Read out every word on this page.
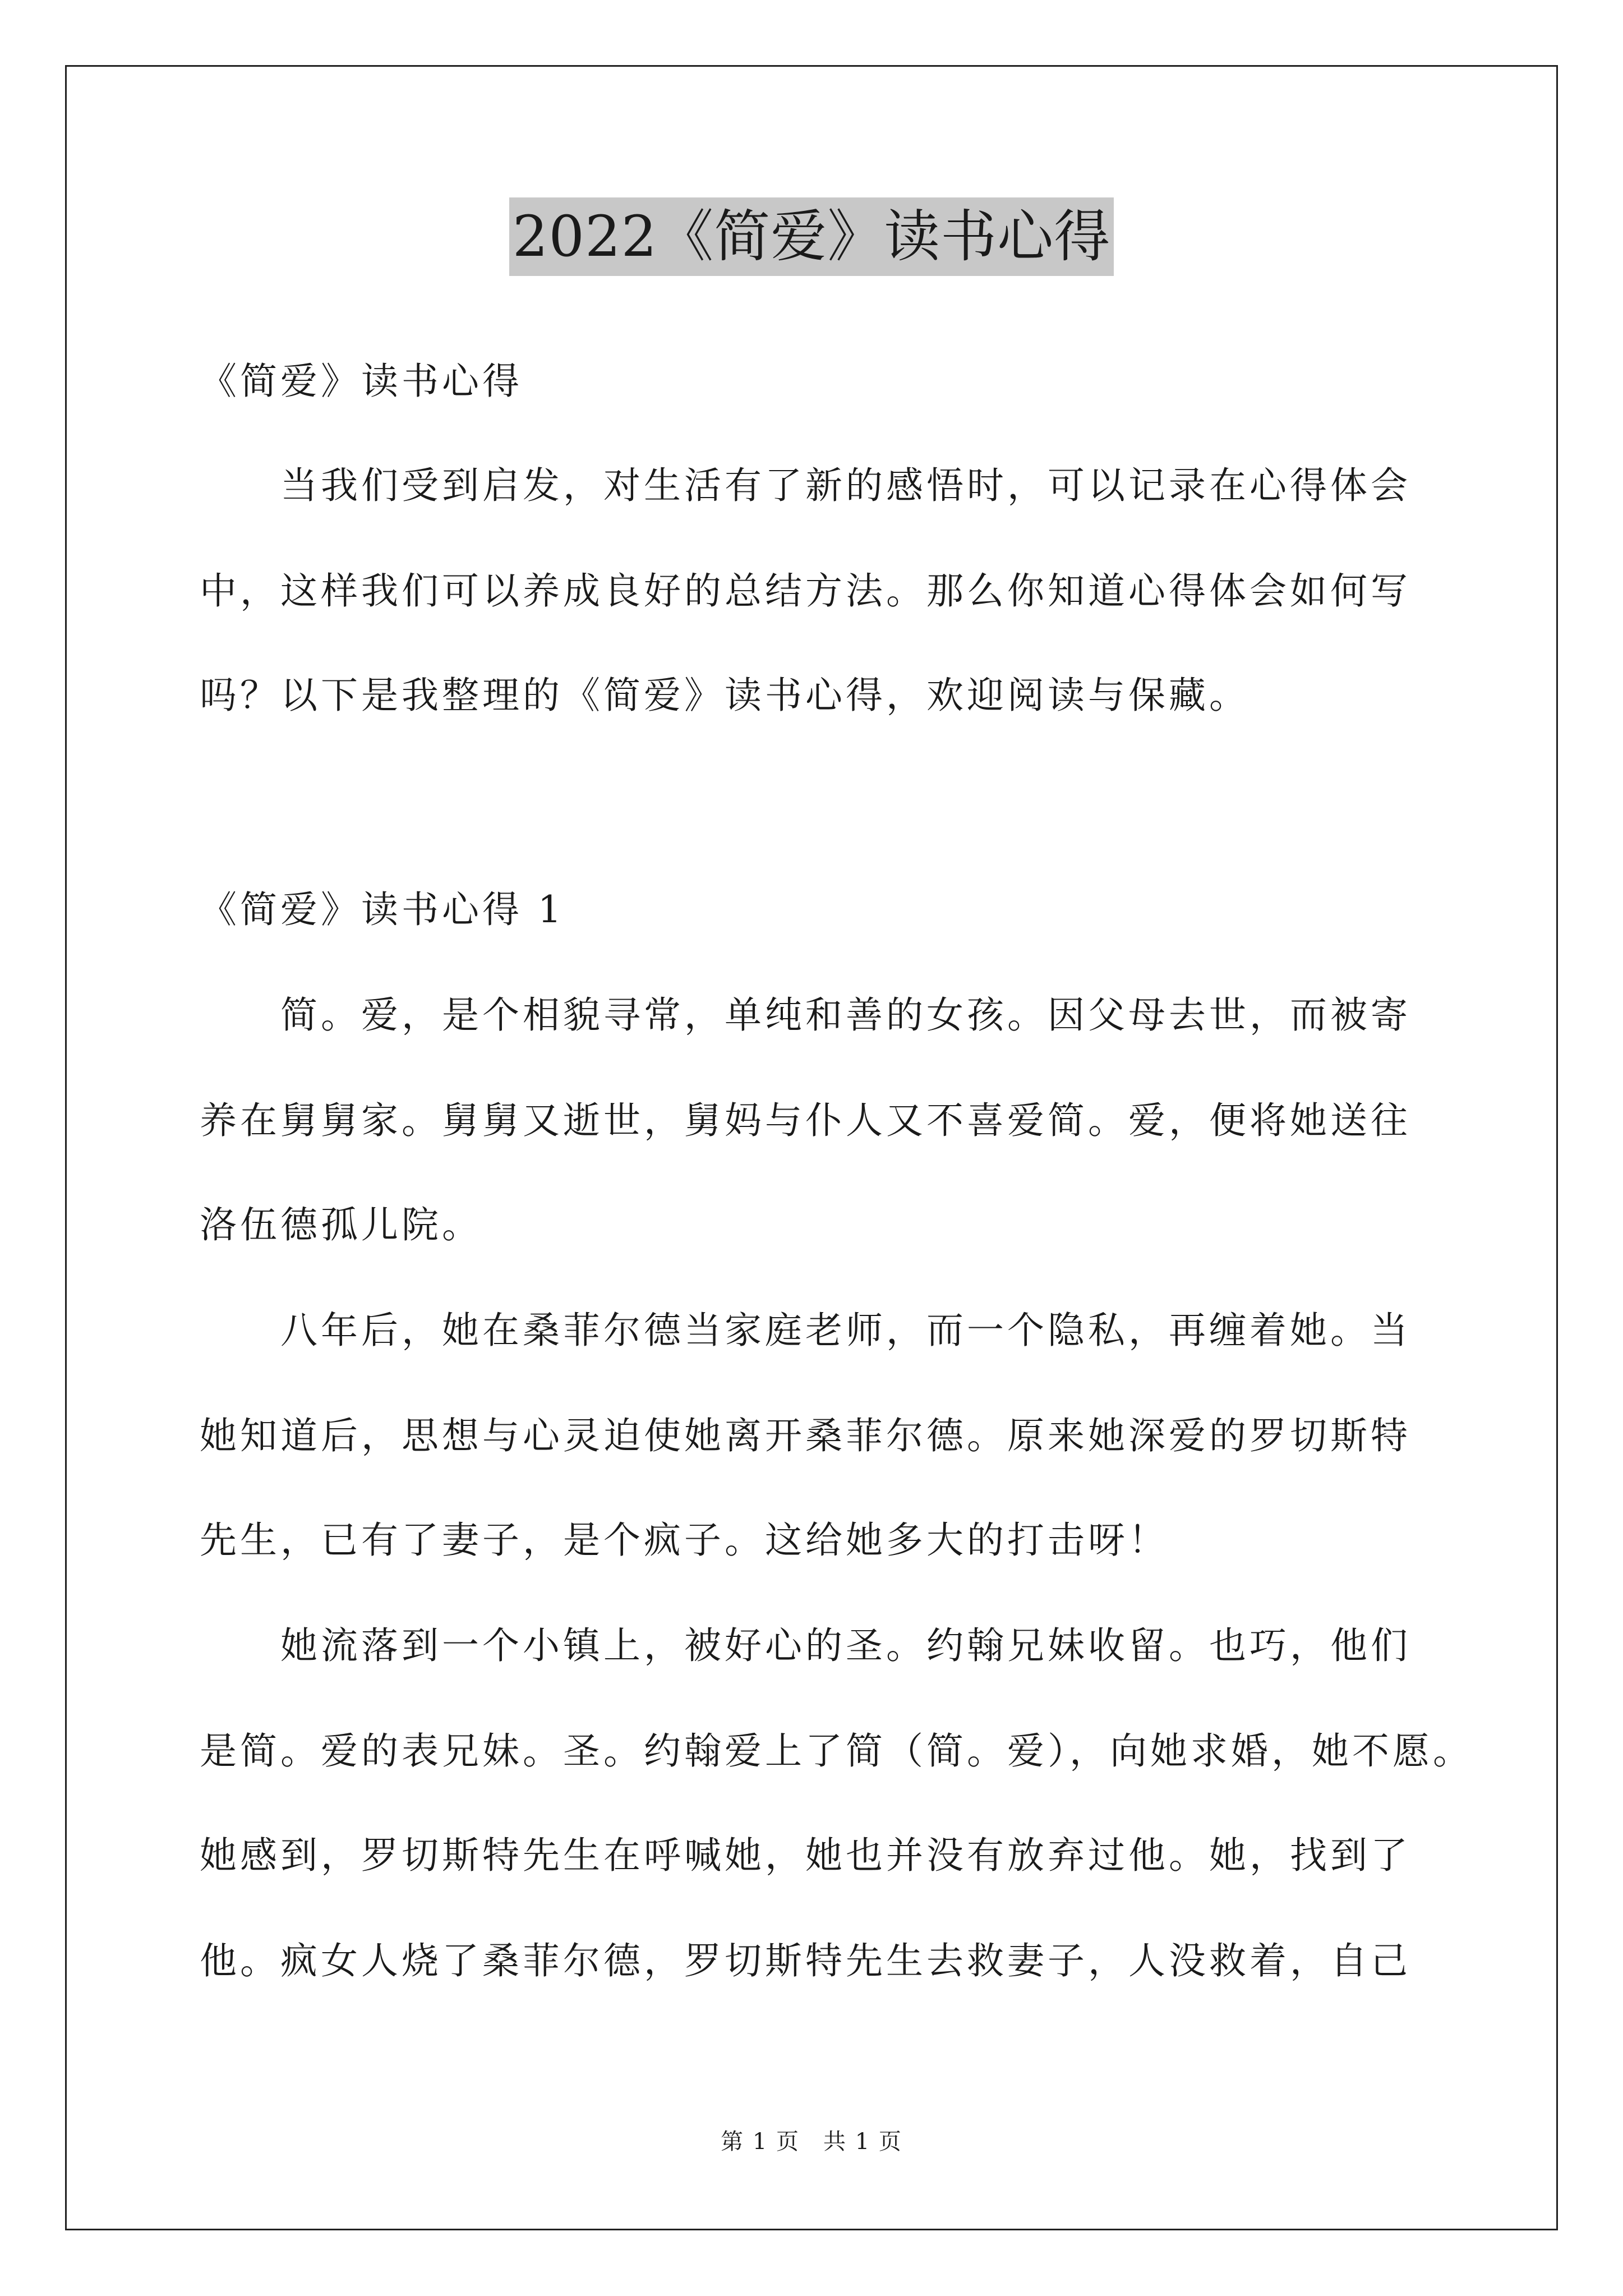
2022《简爱》读书心得
《简爱》读书心得
当我们受到启发，对生活有了新的感悟时，可以记录在心得体会
中，这样我们可以养成良好的总结方法。那么你知道心得体会如何写
吗？以下是我整理的《简爱》读书心得，欢迎阅读与保藏。
《简爱》读书心得 1
简。爱，是个相貌寻常，单纯和善的女孩。因父母去世，而被寄
养在舅舅家。舅舅又逝世，舅妈与仆人又不喜爱简。爱，便将她送往
洛伍德孤儿院。
八年后，她在桑菲尔德当家庭老师，而一个隐私，再缠着她。当
她知道后，思想与心灵迫使她离开桑菲尔德。原来她深爱的罗切斯特
先生，已有了妻子，是个疯子。这给她多大的打击呀！
她流落到一个小镇上，被好心的圣。约翰兄妹收留。也巧，他们
是简。爱的表兄妹。圣。约翰爱上了简（简。爱），向她求婚，她不愿。
她感到，罗切斯特先生在呼喊她，她也并没有放弃过他。她，找到了
他。疯女人烧了桑菲尔德，罗切斯特先生去救妻子，人没救着，自己
第 1 页　共 1 页
